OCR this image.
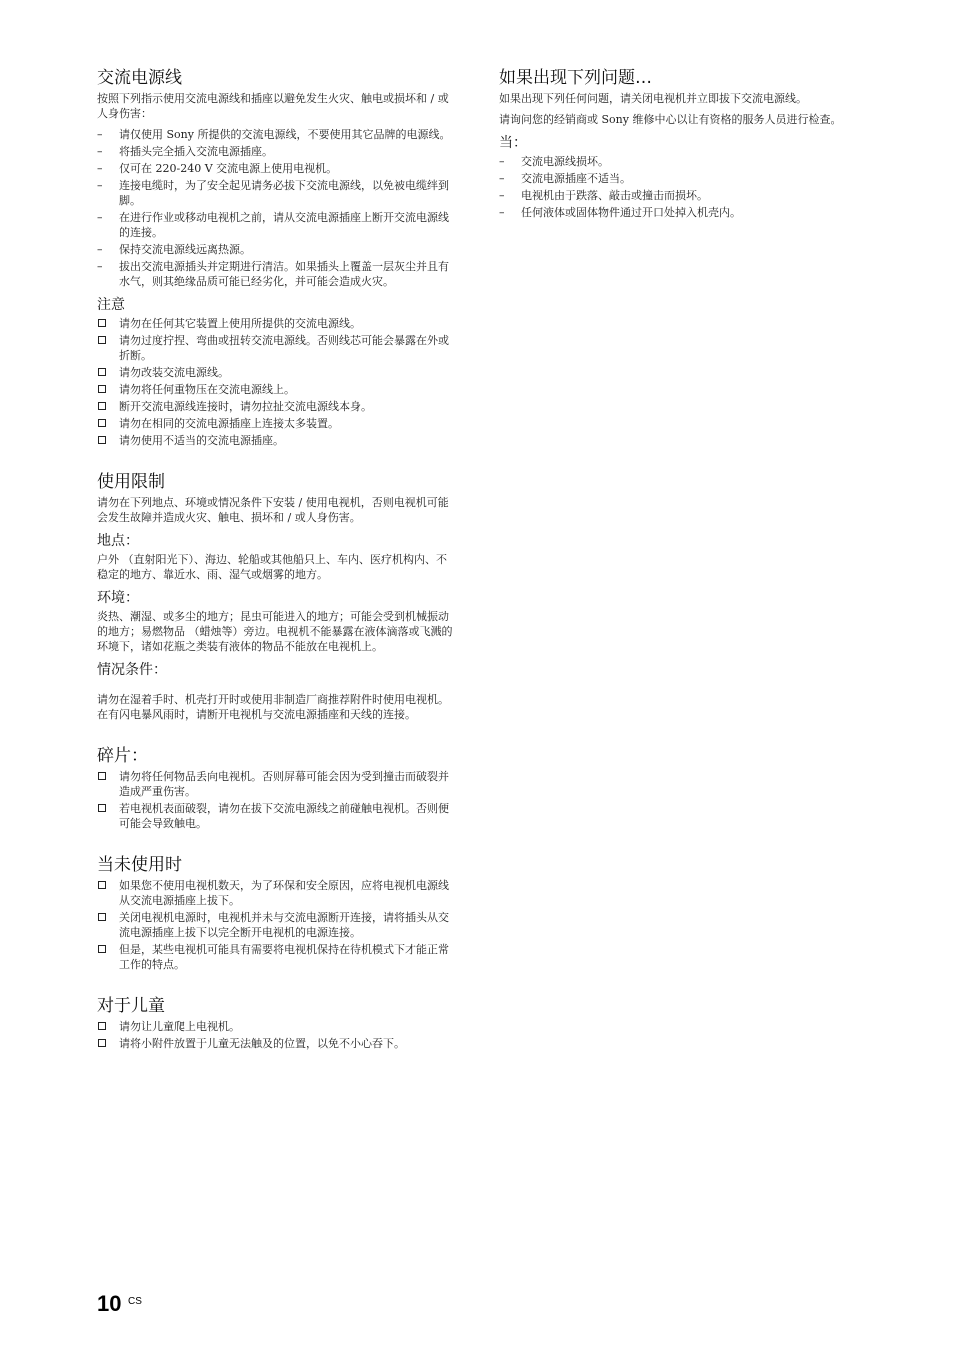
交流电源线
按照下列指示使用交流电源线和插座以避免发生火灾、触电或损坏和 / 或人身伤害：
–	请仅使用 Sony 所提供的交流电源线，不要使用其它品牌的电源线。
–	将插头完全插入交流电源插座。
–	仅可在 220-240 V 交流电源上使用电视机。
–	连接电缆时，为了安全起见请务必拔下交流电源线，以免被电缆绊到脚。
–	在进行作业或移动电视机之前，请从交流电源插座上断开交流电源线的连接。
–	保持交流电源线远离热源。
–	拔出交流电源插头并定期进行清洁。如果插头上覆盖一层灰尘并且有水气，则其绝缘品质可能已经劣化，并可能会造成火灾。
注意
请勿在任何其它装置上使用所提供的交流电源线。
请勿过度拧捏、弯曲或扭转交流电源线。否则线芯可能会暴露在外或折断。
请勿改装交流电源线。
请勿将任何重物压在交流电源线上。
断开交流电源线连接时，请勿拉扯交流电源线本身。
请勿在相同的交流电源插座上连接太多装置。
请勿使用不适当的交流电源插座。
使用限制
请勿在下列地点、环境或情况条件下安装 / 使用电视机，否则电视机可能会发生故障并造成火灾、触电、损坏和 / 或人身伤害。
地点：
户外 （直射阳光下）、海边、轮船或其他船只上、车内、医疗机构内、不稳定的地方、靠近水、雨、湿气或烟雾的地方。
环境：
炎热、潮湿、或多尘的地方；昆虫可能进入的地方；可能会受到机械振动的地方；易燃物品 （蜡烛等）旁边。电视机不能暴露在液体滴落或飞溅的环境下，诸如花瓶之类装有液体的物品不能放在电视机上。
情况条件：
请勿在湿着手时、机壳打开时或使用非制造厂商推荐附件时使用电视机。在有闪电暴风雨时，请断开电视机与交流电源插座和天线的连接。
碎片：
请勿将任何物品丢向电视机。否则屏幕可能会因为受到撞击而破裂并造成严重伤害。
若电视机表面破裂，请勿在拔下交流电源线之前碰触电视机。否则便可能会导致触电。
当未使用时
如果您不使用电视机数天，为了环保和安全原因，应将电视机电源线从交流电源插座上拔下。
关闭电视机电源时，电视机并未与交流电源断开连接，请将插头从交流电源插座上拔下以完全断开电视机的电源连接。
但是，某些电视机可能具有需要将电视机保持在待机模式下才能正常工作的特点。
对于儿童
请勿让儿童爬上电视机。
请将小附件放置于儿童无法触及的位置，以免不小心吞下。
如果出现下列问题…
如果出现下列任何问题，请关闭电视机并立即拔下交流电源线。
请询问您的经销商或 Sony 维修中心以让有资格的服务人员进行检查。
当：
–	交流电源线损坏。
–	交流电源插座不适当。
–	电视机由于跌落、敲击或撞击而损坏。
–	任何液体或固体物件通过开口处掉入机壳内。
10 CS
